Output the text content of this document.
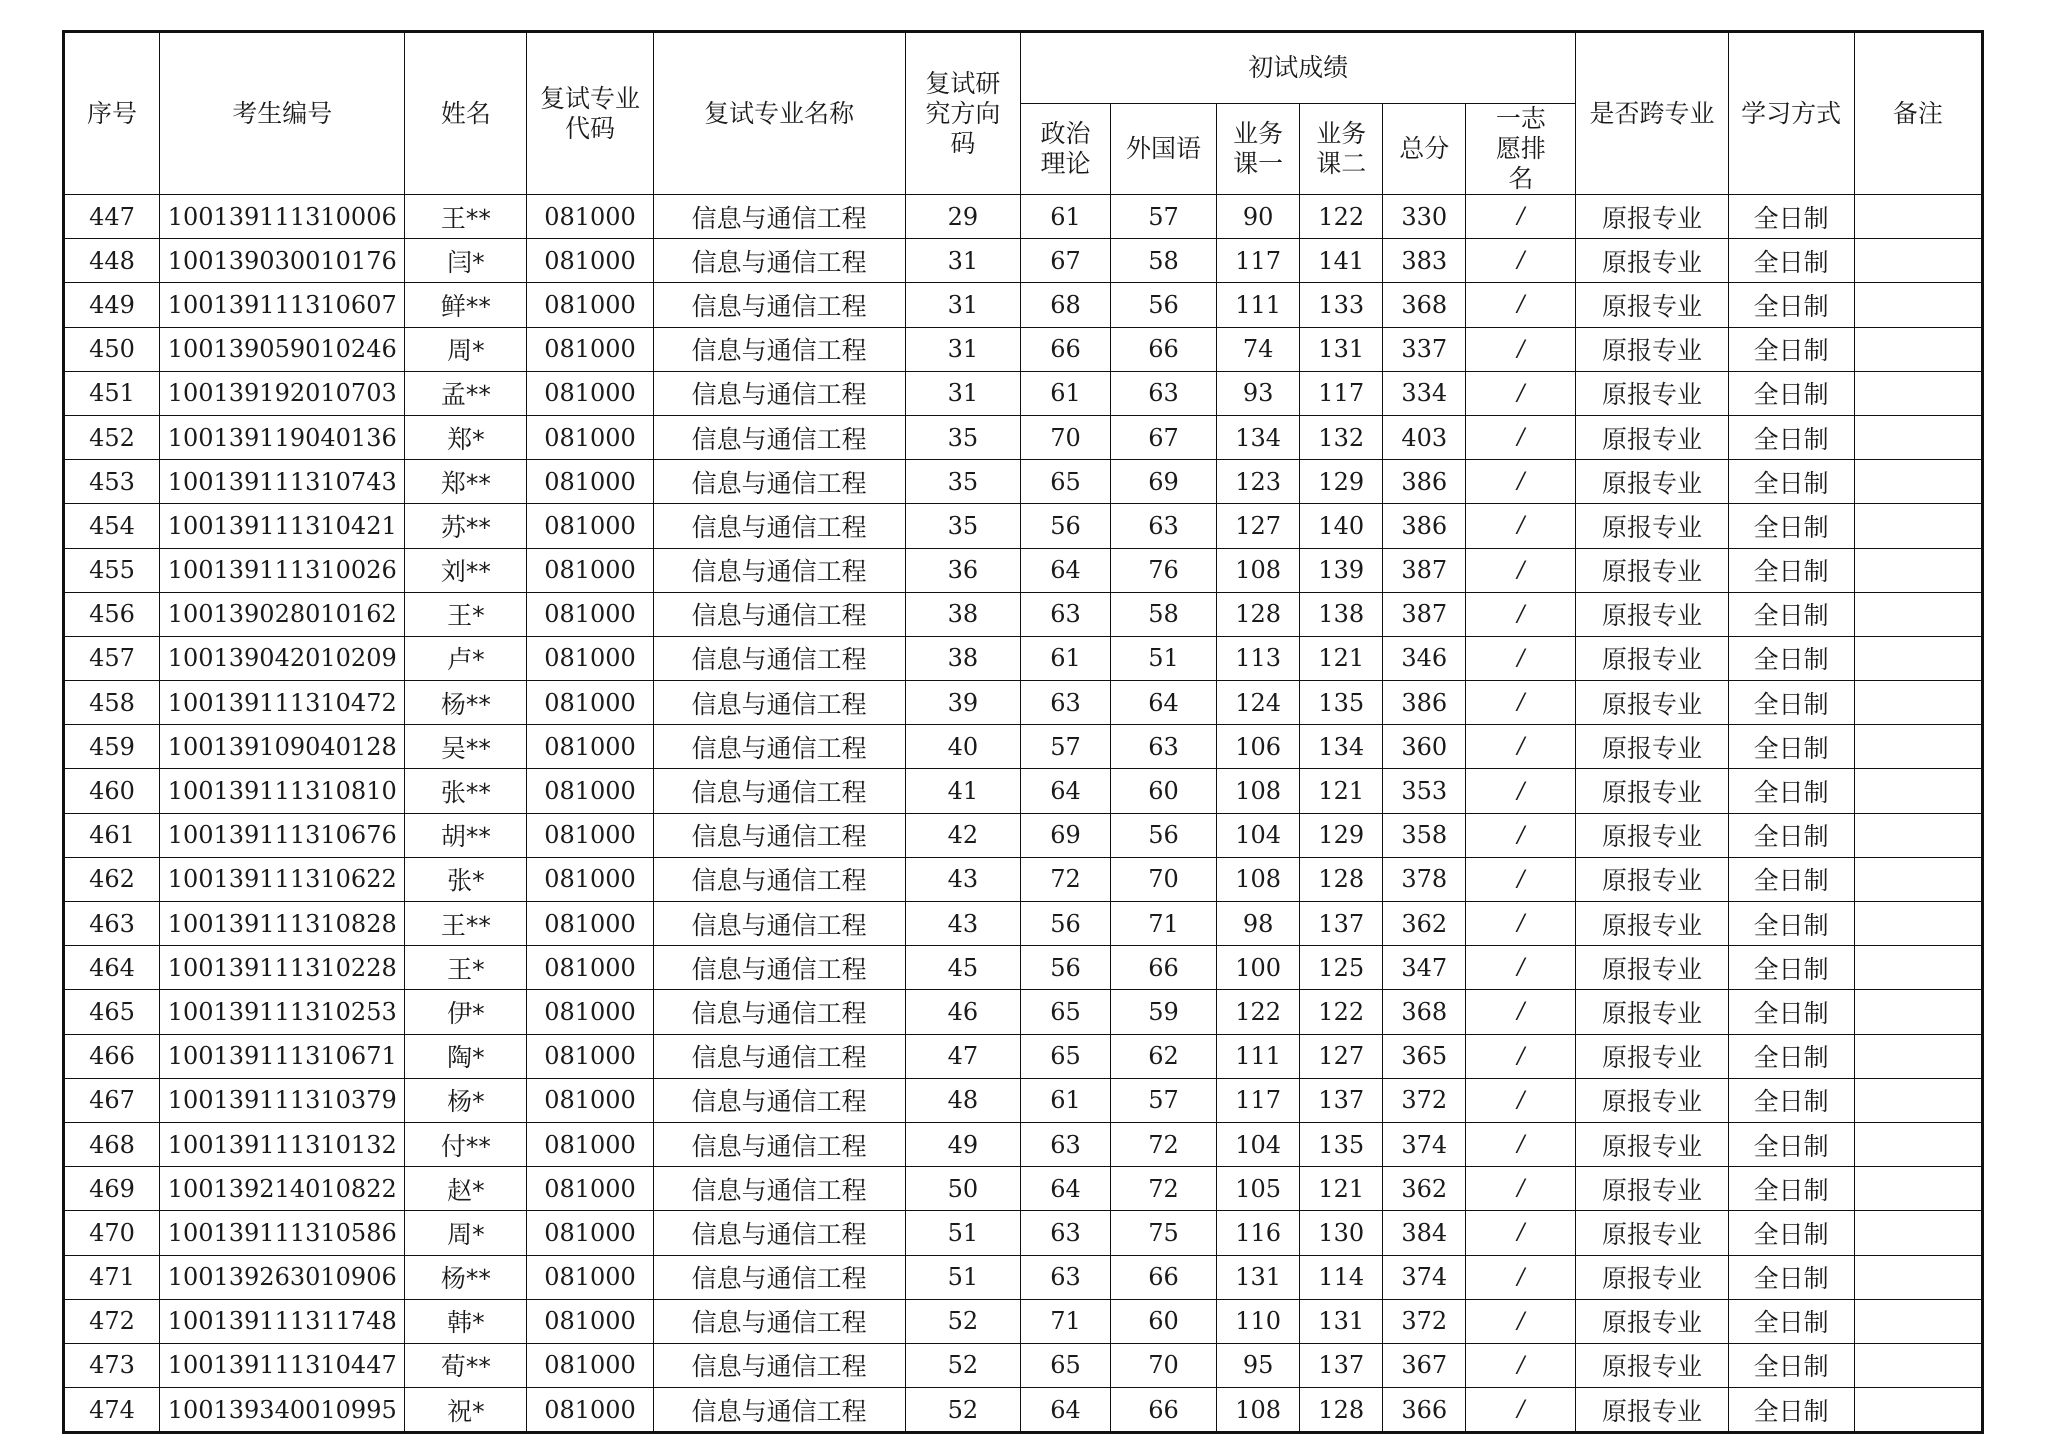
序号	考生编号	姓名	复试专业代码	复试专业名称	复试研究方向码	初试成绩						是否跨专业	学习方式	备注
						政治理论	外国语	业务课一	业务课二	总分	一志愿排名			
447	100139111310006	王**	081000	信息与通信工程	29	61	57	90	122	330	/	原报专业	全日制	
448	100139030010176	闫*	081000	信息与通信工程	31	67	58	117	141	383	/	原报专业	全日制	
449	100139111310607	鲜**	081000	信息与通信工程	31	68	56	111	133	368	/	原报专业	全日制	
450	100139059010246	周*	081000	信息与通信工程	31	66	66	74	131	337	/	原报专业	全日制	
451	100139192010703	孟**	081000	信息与通信工程	31	61	63	93	117	334	/	原报专业	全日制	
452	100139119040136	郑*	081000	信息与通信工程	35	70	67	134	132	403	/	原报专业	全日制	
453	100139111310743	郑**	081000	信息与通信工程	35	65	69	123	129	386	/	原报专业	全日制	
454	100139111310421	苏**	081000	信息与通信工程	35	56	63	127	140	386	/	原报专业	全日制	
455	100139111310026	刘**	081000	信息与通信工程	36	64	76	108	139	387	/	原报专业	全日制	
456	100139028010162	王*	081000	信息与通信工程	38	63	58	128	138	387	/	原报专业	全日制	
457	100139042010209	卢*	081000	信息与通信工程	38	61	51	113	121	346	/	原报专业	全日制	
458	100139111310472	杨**	081000	信息与通信工程	39	63	64	124	135	386	/	原报专业	全日制	
459	100139109040128	吴**	081000	信息与通信工程	40	57	63	106	134	360	/	原报专业	全日制	
460	100139111310810	张**	081000	信息与通信工程	41	64	60	108	121	353	/	原报专业	全日制	
461	100139111310676	胡**	081000	信息与通信工程	42	69	56	104	129	358	/	原报专业	全日制	
462	100139111310622	张*	081000	信息与通信工程	43	72	70	108	128	378	/	原报专业	全日制	
463	100139111310828	王**	081000	信息与通信工程	43	56	71	98	137	362	/	原报专业	全日制	
464	100139111310228	王*	081000	信息与通信工程	45	56	66	100	125	347	/	原报专业	全日制	
465	100139111310253	伊*	081000	信息与通信工程	46	65	59	122	122	368	/	原报专业	全日制	
466	100139111310671	陶*	081000	信息与通信工程	47	65	62	111	127	365	/	原报专业	全日制	
467	100139111310379	杨*	081000	信息与通信工程	48	61	57	117	137	372	/	原报专业	全日制	
468	100139111310132	付**	081000	信息与通信工程	49	63	72	104	135	374	/	原报专业	全日制	
469	100139214010822	赵*	081000	信息与通信工程	50	64	72	105	121	362	/	原报专业	全日制	
470	100139111310586	周*	081000	信息与通信工程	51	63	75	116	130	384	/	原报专业	全日制	
471	100139263010906	杨**	081000	信息与通信工程	51	63	66	131	114	374	/	原报专业	全日制	
472	100139111311748	韩*	081000	信息与通信工程	52	71	60	110	131	372	/	原报专业	全日制	
473	100139111310447	荀**	081000	信息与通信工程	52	65	70	95	137	367	/	原报专业	全日制	
474	100139340010995	祝*	081000	信息与通信工程	52	64	66	108	128	366	/	原报专业	全日制	
